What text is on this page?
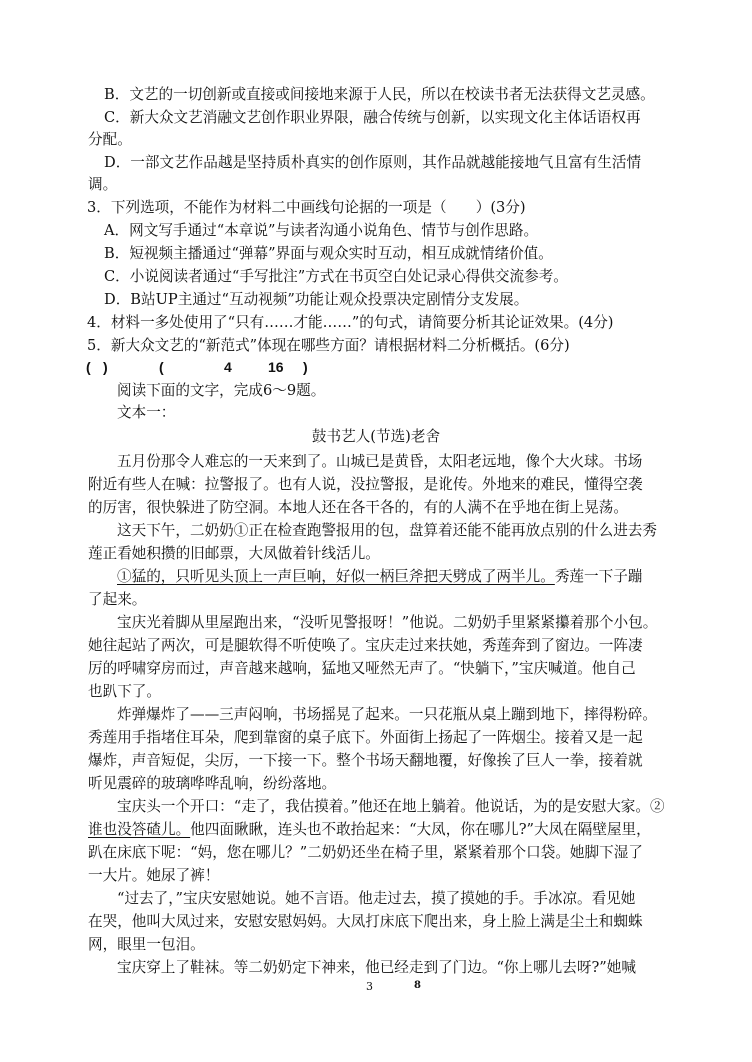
B．文艺的一切创新或直接或间接地来源于人民，所以在校读书者无法获得文艺灵感。
C．新大众文艺消融文艺创作职业界限，融合传统与创新，以实现文化主体话语权再
分配。
D．一部文艺作品越是坚持质朴真实的创作原则，其作品就越能接地气且富有生活情
调。
3．下列选项，不能作为材料二中画线句论据的一项是（　　）(3分)
A．网文写手通过“本章说”与读者沟通小说角色、情节与创作思路。
B．短视频主播通过“弹幕”界面与观众实时互动，相互成就情绪价值。
C．小说阅读者通过“手写批注”方式在书页空白处记录心得供交流参考。
D．B站UP主通过“互动视频”功能让观众投票决定剧情分支发展。
4．材料一多处使用了“只有……才能……”的句式，请简要分析其论证效果。(4分)
5．新大众文艺的“新范式”体现在哪些方面？请根据材料二分析概括。(6分)
( )	(	4	16 )
阅读下面的文字，完成6～9题。
文本一：
鼓书艺人(节选)老舍
五月份那令人难忘的一天来到了。山城已是黄昏，太阳老远地，像个大火球。书场
附近有些人在喊：拉警报了。也有人说，没拉警报，是讹传。外地来的难民，懂得空袭
的厉害，很快躲进了防空洞。本地人还在各干各的，有的人满不在乎地在街上晃荡。
这天下午，二奶奶①正在检查跑警报用的包，盘算着还能不能再放点别的什么进去秀
莲正看她积攒的旧邮票，大凤做着针线活儿。
①猛的，只听见头顶上一声巨响，好似一柄巨斧把天劈成了两半儿。秀莲一下子蹦
了起来。
宝庆光着脚从里屋跑出来，“没听见警报呀！”他说。二奶奶手里紧紧攥着那个小包。
她往起站了两次，可是腿软得不听使唤了。宝庆走过来扶她，秀莲奔到了窗边。一阵凄
厉的呼啸穿房而过，声音越来越响，猛地又哑然无声了。“快躺下，”宝庆喊道。他自己
也趴下了。
炸弹爆炸了——三声闷响，书场摇晃了起来。一只花瓶从桌上蹦到地下，摔得粉碎。
秀莲用手指堵住耳朵，爬到靠窗的桌子底下。外面街上扬起了一阵烟尘。接着又是一起
爆炸，声音短促，尖厉，一下接一下。整个书场天翻地覆，好像挨了巨人一拳，接着就
听见震碎的玻璃哗哗乱响，纷纷落地。
宝庆头一个开口：“走了，我估摸着。”他还在地上躺着。他说话，为的是安慰大家。②
谁也没答碴儿。他四面瞅瞅，连头也不敢抬起来：“大凤，你在哪儿?”大凤在隔壁屋里，
趴在床底下呢：“妈，您在哪儿？”二奶奶还坐在椅子里，紧紧着那个口袋。她脚下湿了
一大片。她尿了裤！
“过去了，”宝庆安慰她说。她不言语。他走过去，摸了摸她的手。手冰凉。看见她
在哭，他叫大凤过来，安慰安慰妈妈。大凤打床底下爬出来，身上脸上满是尘土和蜘蛛
网，眼里一包泪。
宝庆穿上了鞋袜。等二奶奶定下神来，他已经走到了门边。“你上哪儿去呀?”她喊
3	8
